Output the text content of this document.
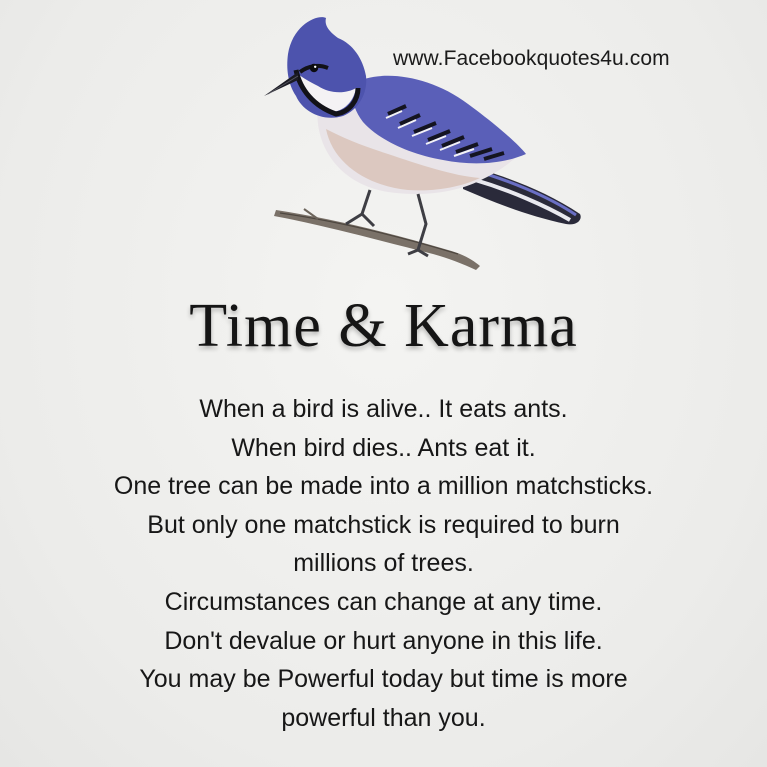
www.Facebookquotes4u.com
Time & Karma
When a bird is alive.. It eats ants.
When bird dies.. Ants eat it.
One tree can be made into a million matchsticks.
But only one matchstick is required to burn
millions of trees.
Circumstances can change at any time.
Don't devalue or hurt anyone in this life.
You may be Powerful today but time is more
powerful than you.
